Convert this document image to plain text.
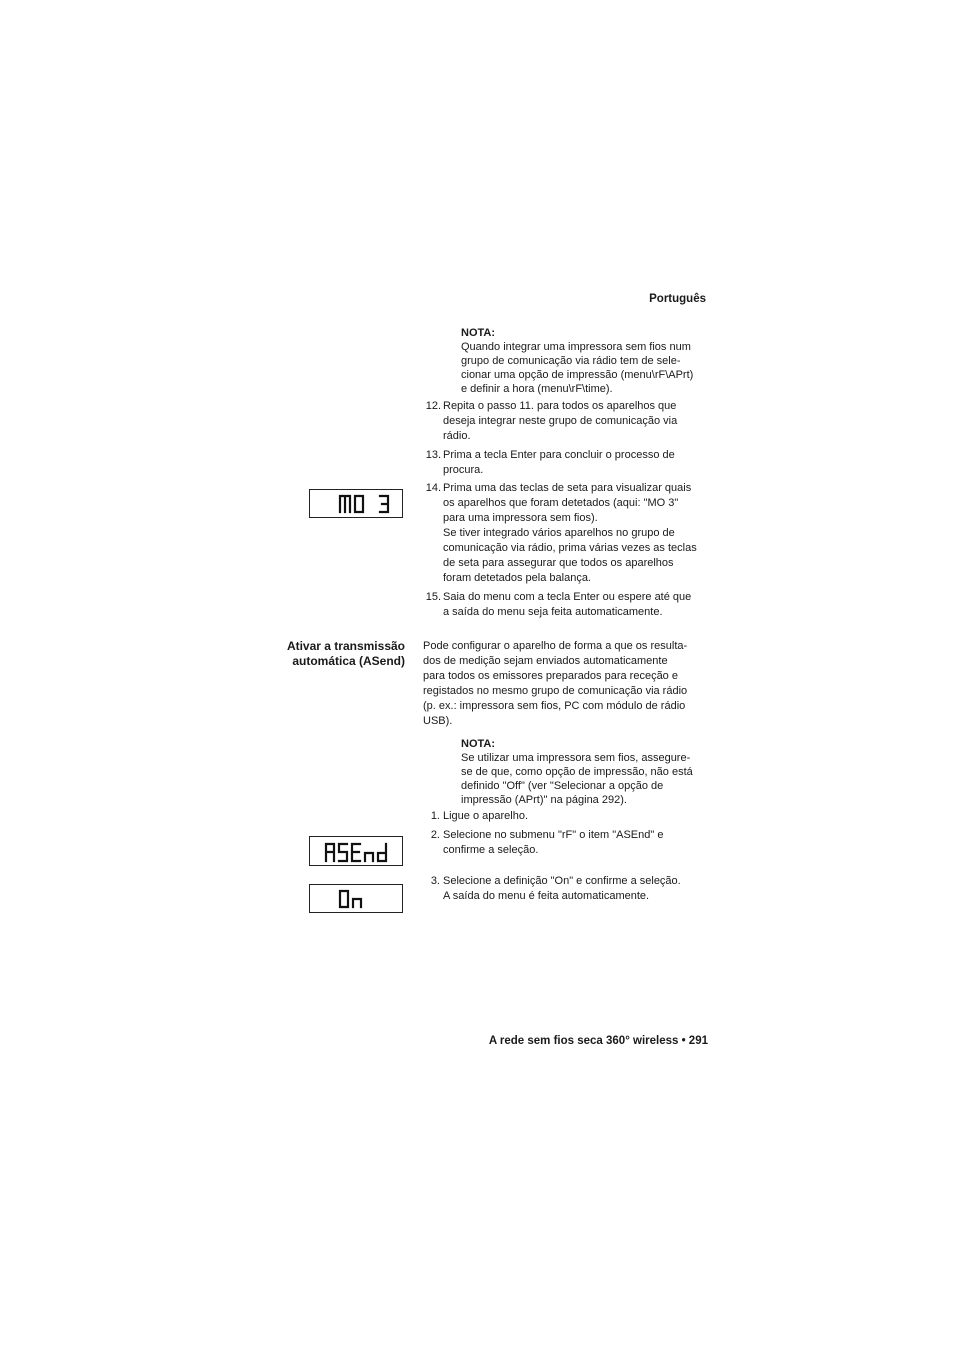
Português
NOTA:
Quando integrar uma impressora sem fios num
grupo de comunicação via rádio tem de sele-
cionar uma opção de impressão (menu\rF\APrt)
e definir a hora (menu\rF\time).
12. Repita o passo 11. para todos os aparelhos que
deseja integrar neste grupo de comunicação via
rádio.
13. Prima a tecla Enter para concluir o processo de
procura.
14. Prima uma das teclas de seta para visualizar quais
os aparelhos que foram detetados (aqui: "MO 3"
para uma impressora sem fios).
Se tiver integrado vários aparelhos no grupo de
comunicação via rádio, prima várias vezes as teclas
de seta para assegurar que todos os aparelhos
foram detetados pela balança.
15. Saia do menu com a tecla Enter ou espere até que
a saída do menu seja feita automaticamente.
Ativar a transmissão
automática (ASend)
Pode configurar o aparelho de forma a que os resulta-
dos de medição sejam enviados automaticamente
para todos os emissores preparados para receção e
registados no mesmo grupo de comunicação via rádio
(p. ex.: impressora sem fios, PC com módulo de rádio
USB).
NOTA:
Se utilizar uma impressora sem fios, assegure-
se de que, como opção de impressão, não está
definido "Off" (ver "Selecionar a opção de
impressão (APrt)" na página 292).
1. Ligue o aparelho.
2. Selecione no submenu "rF" o item "ASEnd" e
confirme a seleção.
3. Selecione a definição "On" e confirme a seleção.
A saída do menu é feita automaticamente.
A rede sem fios seca 360° wireless • 291
